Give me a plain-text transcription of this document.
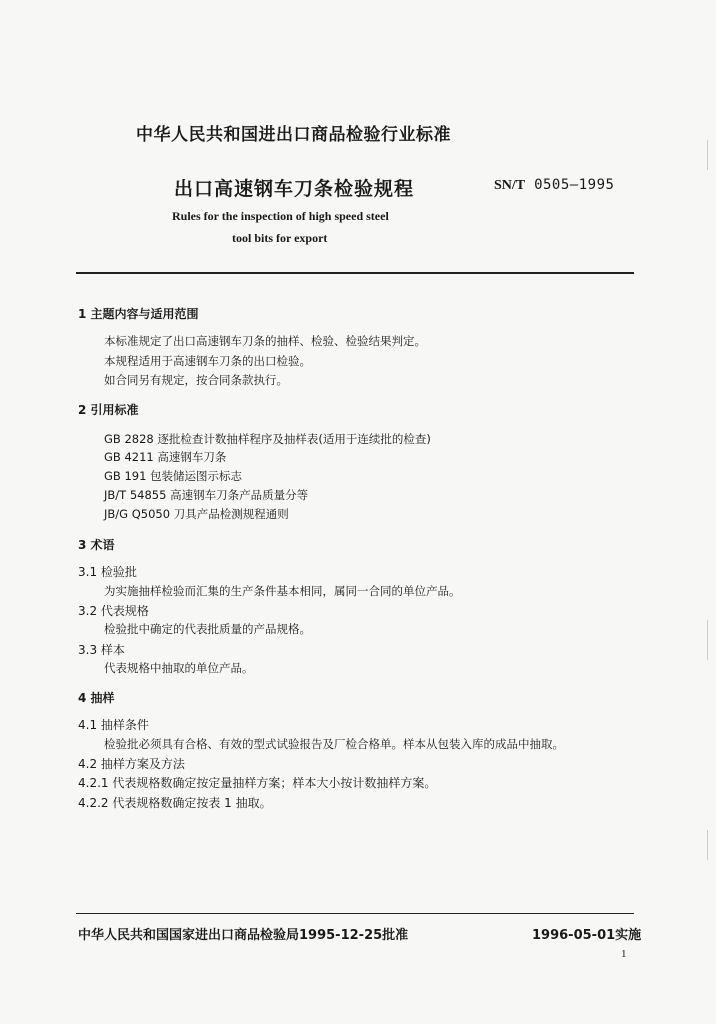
中华人民共和国进出口商品检验行业标准
出口高速钢车刀条检验规程	SN/T 0505—1995
Rules for the inspection of high speed steel
tool bits for export
1 主题内容与适用范围
本标准规定了出口高速钢车刀条的抽样、检验、检验结果判定。
本规程适用于高速钢车刀条的出口检验。
如合同另有规定，按合同条款执行。
2 引用标准
GB 2828 逐批检查计数抽样程序及抽样表(适用于连续批的检查)
GB 4211 高速钢车刀条
GB 191 包装储运图示标志
JB/T 54855 高速钢车刀条产品质量分等
JB/G Q5050 刀具产品检测规程通则
3 术语
3.1 检验批
为实施抽样检验而汇集的生产条件基本相同，属同一合同的单位产品。
3.2 代表规格
检验批中确定的代表批质量的产品规格。
3.3 样本
代表规格中抽取的单位产品。
4 抽样
4.1 抽样条件
检验批必须具有合格、有效的型式试验报告及厂检合格单。样本从包装入库的成品中抽取。
4.2 抽样方案及方法
4.2.1 代表规格数确定按定量抽样方案；样本大小按计数抽样方案。
4.2.2 代表规格数确定按表 1 抽取。
中华人民共和国国家进出口商品检验局1995-12-25批准	1996-05-01实施
1
